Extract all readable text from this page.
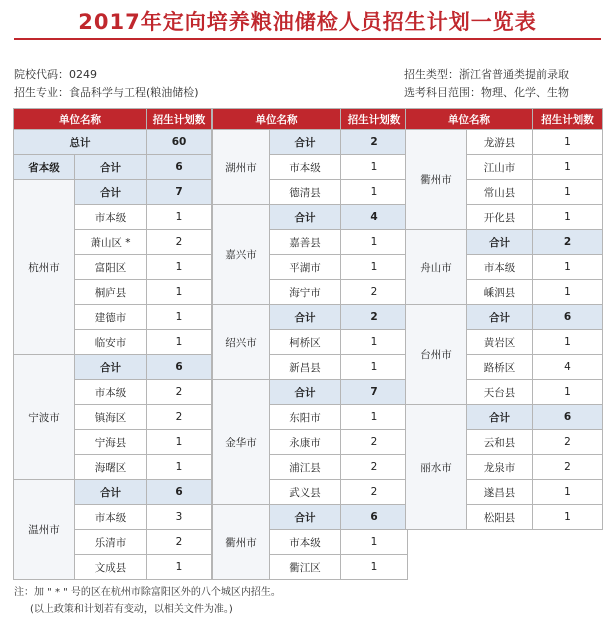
2017年定向培养粮油储检人员招生计划一览表
院校代码：0249
招生专业：食品科学与工程(粮油储检)
招生类型：浙江省普通类提前录取
选考科目范围：物理、化学、生物
单位名称		招生计划数
总计		60
省本级	合计	6
杭州市	合计	7
	市本级	1
	萧山区 *	2
	富阳区	1
	桐庐县	1
	建德市	1
	临安市	1
宁波市	合计	6
	市本级	2
	镇海区	2
	宁海县	1
	海曙区	1
温州市	合计	6
	市本级	3
	乐清市	2
	文成县	1
单位名称		招生计划数
湖州市	合计	2
	市本级	1
	德清县	1
嘉兴市	合计	4
	嘉善县	1
	平湖市	1
	海宁市	2
绍兴市	合计	2
	柯桥区	1
	新昌县	1
金华市	合计	7
	东阳市	1
	永康市	2
	浦江县	2
	武义县	2
衢州市	合计	6
	市本级	1
	衢江区	1
单位名称		招生计划数
衢州市	龙游县	1
	江山市	1
	常山县	1
	开化县	1
舟山市	合计	2
	市本级	1
	嵊泗县	1
台州市	合计	6
	黄岩区	1
	路桥区	4
	天台县	1
丽水市	合计	6
	云和县	2
	龙泉市	2
	遂昌县	1
	松阳县	1
注：加 " * " 号的区在杭州市除富阳区外的八个城区内招生。
(以上政策和计划若有变动，以相关文件为准。)
